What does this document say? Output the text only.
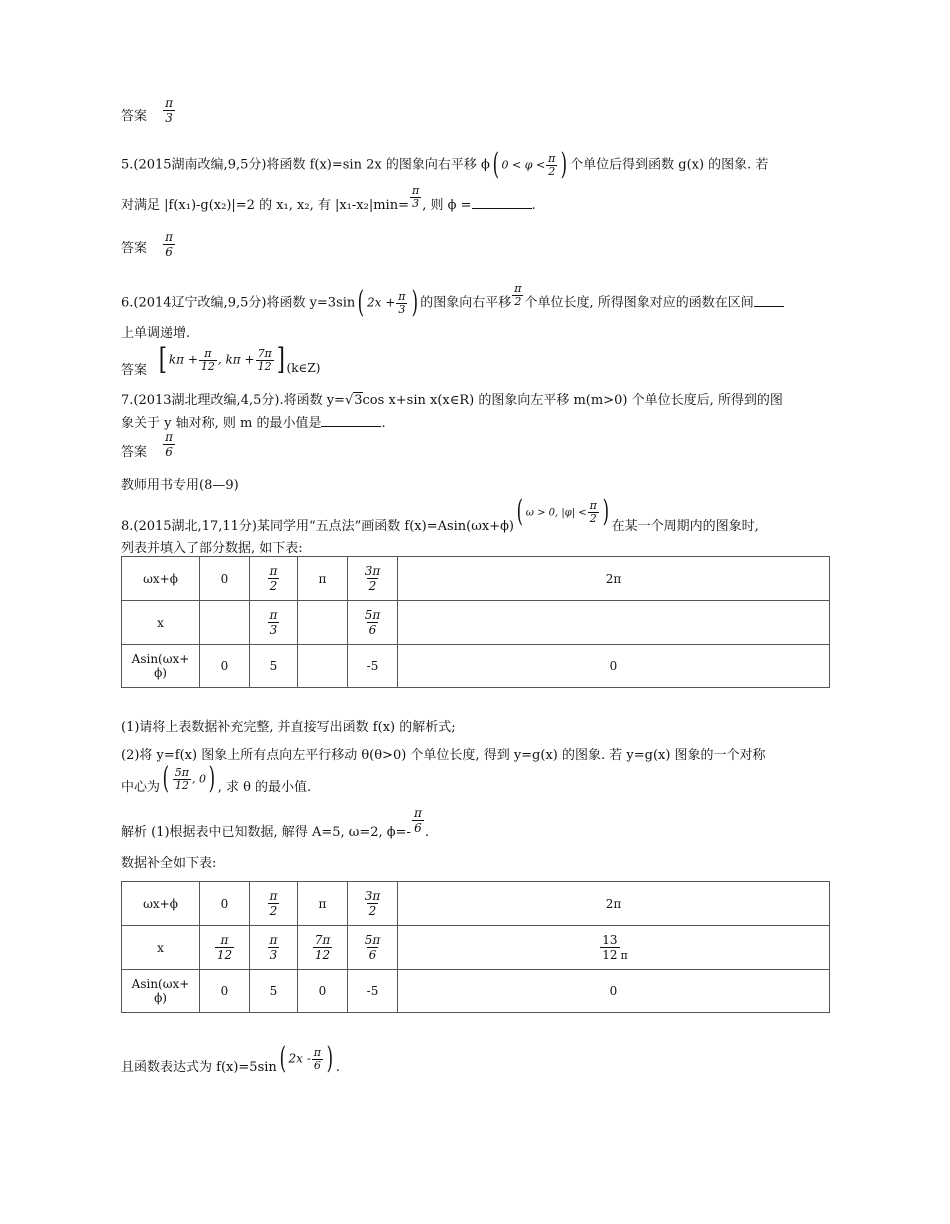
答案 $\frac{\pi}{3}$
5.(2015湖南改编,9,5分)将函数 f(x)=sin 2x 的图象向右平移 ϕ( $0 < \varphi < \frac{\pi}{2}$ ) 个单位后得到函数 g(x) 的图象. 若
对满足 |f(x₁)-g(x₂)|=2 的 x₁, x₂, 有 $|x_1-x_2|\min= \frac{\pi}{3}$ , 则 ϕ =	.
答案 $\frac{\pi}{6}$
6.(2014辽宁改编,9,5分)将函数 y=3sin( $2x + \frac{\pi}{3}$ ) 的图象向右平移 $\frac{\pi}{2}$ 个单位长度, 所得图象对应的函数在区间
上单调递增.
答案 [ $k\pi + \frac{\pi}{12}$ , $k\pi + \frac{7\pi}{12}$ ] (k∈Z)
7.(2013湖北理改编,4,5分).将函数 y=√3cos x+sin x(x∈R) 的图象向左平移 m(m>0) 个单位长度后, 所得到的图
象关于 y 轴对称, 则 m 的最小值是	.
答案 $\frac{\pi}{6}$
教师用书专用(8—9)
8.(2015湖北,17,11分)某同学用“五点法”画函数 f(x)=Asin(ωx+ϕ)( ω > 0, $|\varphi| < \frac{\pi}{2}$ ) 在某一个周期内的图象时,
列表并填入了部分数据, 如下表:
ωx+ϕ	0	$\frac{\pi}{2}$	π	$\frac{3\pi}{2}$	2π
x		$\frac{\pi}{3}$		$\frac{5\pi}{6}$

Asin(ωx+
ϕ)	0	5		-5	0
(1)请将上表数据补充完整, 并直接写出函数 f(x) 的解析式;
(2)将 y=f(x) 图象上所有点向左平行移动 θ(θ>0) 个单位长度, 得到 y=g(x) 的图象. 若 y=g(x) 图象的一个对称
中心为( $\frac{5\pi}{12}$ , 0) , 求 θ 的最小值.
解析 (1)根据表中已知数据, 解得 A=5, ω=2, $\phi=- \frac{\pi}{6}$ .
数据补全如下表:
ωx+ϕ	0	$\frac{\pi}{2}$	π	$\frac{3\pi}{2}$	2π
x	$\frac{\pi}{12}$	$\frac{\pi}{3}$	$\frac{7\pi}{12}$	$\frac{5\pi}{6}$	$\frac{13}{12}$ π
Asin(ωx+
ϕ)	0	5	0	-5	0
且函数表达式为 f(x)=5sin( $2x - \frac{\pi}{6}$ ) .
